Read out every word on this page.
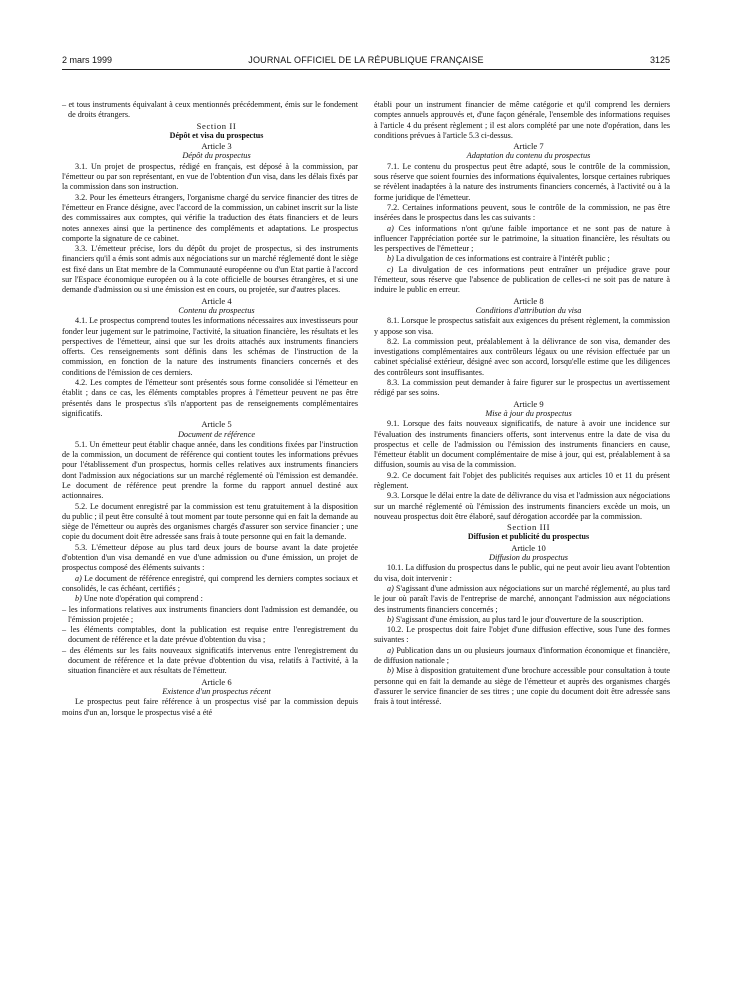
JOURNAL OFFICIEL DE LA RÉPUBLIQUE FRANÇAISE
2 mars 1999	3125

– et tous instruments équivalant à ceux mentionnés précédemment, émis sur le fondement de droits étrangers.

Section II

Dépôt et visa du prospectus

Article 3

Dépôt du prospectus

3.1. Un projet de prospectus, rédigé en français, est déposé à la commission, par l'émetteur ou par son représentant, en vue de l'obtention d'un visa, dans les délais fixés par la commission dans son instruction.

3.2. Pour les émetteurs étrangers, l'organisme chargé du service financier des titres de l'émetteur en France désigne, avec l'accord de la commission, un cabinet inscrit sur la liste des commissaires aux comptes, qui vérifie la traduction des états financiers et de leurs notes annexes ainsi que la pertinence des compléments et adaptations. Le prospectus comporte la signature de ce cabinet.

3.3. L'émetteur précise, lors du dépôt du projet de prospectus, si des instruments financiers qu'il a émis sont admis aux négociations sur un marché réglementé dont le siège est fixé dans un Etat membre de la Communauté européenne ou d'un Etat partie à l'accord sur l'Espace économique européen ou à la cote officielle de bourses étrangères, et si une demande d'admission ou si une émission est en cours, ou projetée, sur d'autres places.

Article 4

Contenu du prospectus

4.1. Le prospectus comprend toutes les informations nécessaires aux investisseurs pour fonder leur jugement sur le patrimoine, l'activité, la situation financière, les résultats et les perspectives de l'émetteur, ainsi que sur les droits attachés aux instruments financiers offerts. Ces renseignements sont définis dans les schémas de l'instruction de la commission, en fonction de la nature des instruments financiers concernés et des conditions de l'émission de ces derniers.

4.2. Les comptes de l'émetteur sont présentés sous forme consolidée si l'émetteur en établit ; dans ce cas, les éléments comptables propres à l'émetteur peuvent ne pas être présentés dans le prospectus s'ils n'apportent pas de renseignements complémentaires significatifs.

Article 5

Document de référence

5.1. Un émetteur peut établir chaque année, dans les conditions fixées par l'instruction de la commission, un document de référence qui contient toutes les informations prévues pour l'établissement d'un prospectus, hormis celles relatives aux instruments financiers dont l'admission aux négociations sur un marché réglementé où l'émission est demandée. Le document de référence peut prendre la forme du rapport annuel destiné aux actionnaires.

5.2. Le document enregistré par la commission est tenu gratuitement à la disposition du public ; il peut être consulté à tout moment par toute personne qui en fait la demande au siège de l'émetteur ou auprès des organismes chargés d'assurer son service financier ; une copie du document doit être adressée sans frais à toute personne qui en fait la demande.

5.3. L'émetteur dépose au plus tard deux jours de bourse avant la date projetée d'obtention d'un visa demandé en vue d'une admission ou d'une émission, un projet de prospectus composé des éléments suivants :

a) Le document de référence enregistré, qui comprend les derniers comptes sociaux et consolidés, le cas échéant, certifiés ;

b) Une note d'opération qui comprend :

– les informations relatives aux instruments financiers dont l'admission est demandée, ou l'émission projetée ;

– les éléments comptables, dont la publication est requise entre l'enregistrement du document de référence et la date prévue d'obtention du visa ;

– des éléments sur les faits nouveaux significatifs intervenus entre l'enregistrement du document de référence et la date prévue d'obtention du visa, relatifs à l'activité, à la situation financière et aux résultats de l'émetteur.

Article 6

Existence d'un prospectus récent

Le prospectus peut faire référence à un prospectus visé par la commission depuis moins d'un an, lorsque le prospectus visé a été

établi pour un instrument financier de même catégorie et qu'il comprend les derniers comptes annuels approuvés et, d'une façon générale, l'ensemble des informations requises à l'article 4 du présent règlement ; il est alors complété par une note d'opération, dans les conditions prévues à l'article 5.3 ci-dessus.

Article 7

Adaptation du contenu du prospectus

7.1. Le contenu du prospectus peut être adapté, sous le contrôle de la commission, sous réserve que soient fournies des informations équivalentes, lorsque certaines rubriques se révèlent inadaptées à la nature des instruments financiers concernés, à l'activité ou à la forme juridique de l'émetteur.

7.2. Certaines informations peuvent, sous le contrôle de la commission, ne pas être insérées dans le prospectus dans les cas suivants :

a) Ces informations n'ont qu'une faible importance et ne sont pas de nature à influencer l'appréciation portée sur le patrimoine, la situation financière, les résultats ou les perspectives de l'émetteur ;

b) La divulgation de ces informations est contraire à l'intérêt public ;

c) La divulgation de ces informations peut entraîner un préjudice grave pour l'émetteur, sous réserve que l'absence de publication de celles-ci ne soit pas de nature à induire le public en erreur.

Article 8

Conditions d'attribution du visa

8.1. Lorsque le prospectus satisfait aux exigences du présent règlement, la commission y appose son visa.

8.2. La commission peut, préalablement à la délivrance de son visa, demander des investigations complémentaires aux contrôleurs légaux ou une révision effectuée par un cabinet spécialisé extérieur, désigné avec son accord, lorsqu'elle estime que les diligences des contrôleurs sont insuffisantes.

8.3. La commission peut demander à faire figurer sur le prospectus un avertissement rédigé par ses soins.

Article 9

Mise à jour du prospectus

9.1. Lorsque des faits nouveaux significatifs, de nature à avoir une incidence sur l'évaluation des instruments financiers offerts, sont intervenus entre la date de visa du prospectus et celle de l'admission ou l'émission des instruments financiers en cause, l'émetteur établit un document complémentaire de mise à jour, qui est, préalablement à sa diffusion, soumis au visa de la commission.

9.2. Ce document fait l'objet des publicités requises aux articles 10 et 11 du présent règlement.

9.3. Lorsque le délai entre la date de délivrance du visa et l'admission aux négociations sur un marché réglementé où l'émission des instruments financiers excède un mois, un nouveau prospectus doit être élaboré, sauf dérogation accordée par la commission.

Section III

Diffusion et publicité du prospectus

Article 10

Diffusion du prospectus

10.1. La diffusion du prospectus dans le public, qui ne peut avoir lieu avant l'obtention du visa, doit intervenir :

a) S'agissant d'une admission aux négociations sur un marché réglementé, au plus tard le jour où paraît l'avis de l'entreprise de marché, annonçant l'admission aux négociations des instruments financiers concernés ;

b) S'agissant d'une émission, au plus tard le jour d'ouverture de la souscription.

10.2. Le prospectus doit faire l'objet d'une diffusion effective, sous l'une des formes suivantes :

a) Publication dans un ou plusieurs journaux d'information économique et financière, de diffusion nationale ;

b) Mise à disposition gratuitement d'une brochure accessible pour consultation à toute personne qui en fait la demande au siège de l'émetteur et auprès des organismes chargés d'assurer le service financier de ses titres ; une copie du document doit être adressée sans frais à tout intéressé.
